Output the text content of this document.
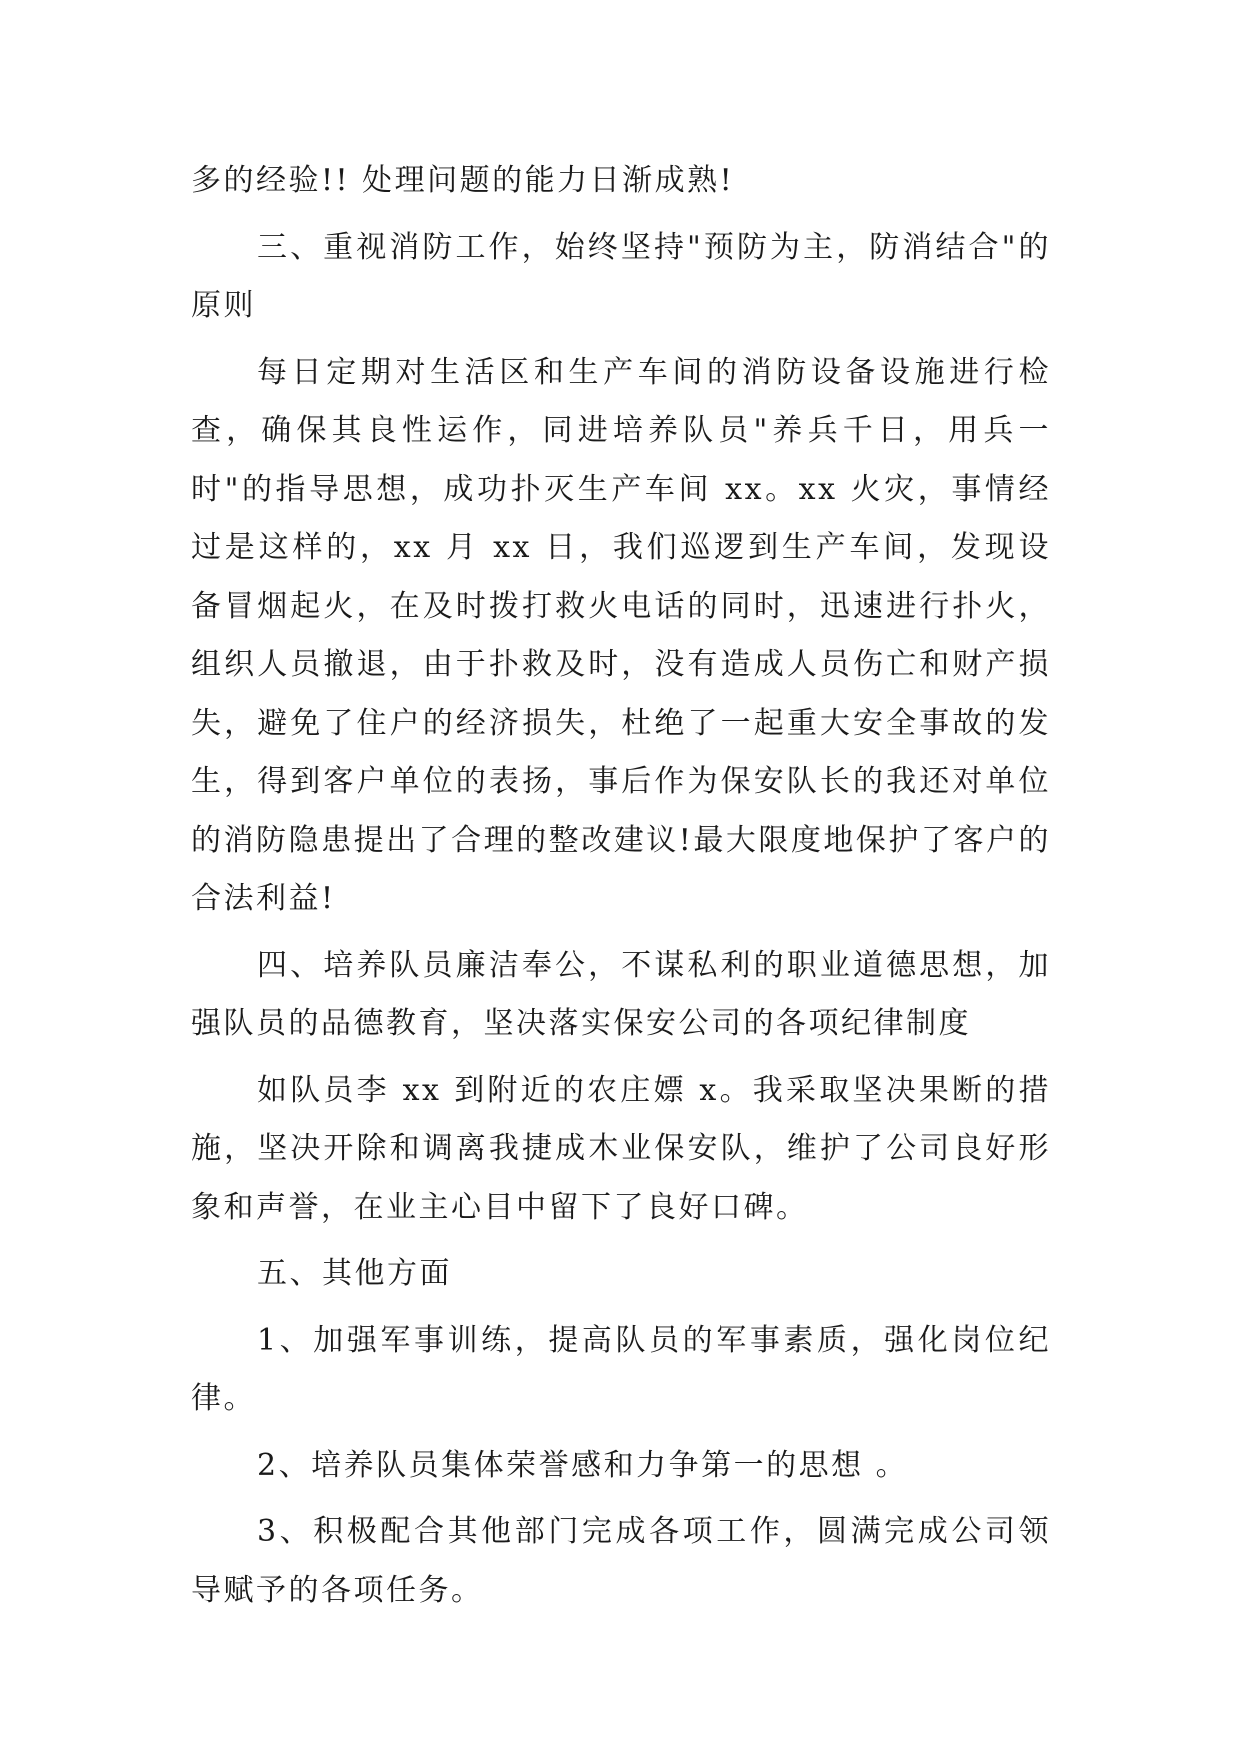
多的经验!! 处理问题的能力日渐成熟!

三、重视消防工作，始终坚持"预防为主，防消结合"的原则

每日定期对生活区和生产车间的消防设备设施进行检查，确保其良性运作，同进培养队员"养兵千日，用兵一时"的指导思想，成功扑灭生产车间 xx。xx 火灾，事情经过是这样的，xx 月 xx 日，我们巡逻到生产车间，发现设备冒烟起火，在及时拨打救火电话的同时，迅速进行扑火，组织人员撤退，由于扑救及时，没有造成人员伤亡和财产损失，避免了住户的经济损失，杜绝了一起重大安全事故的发生，得到客户单位的表扬，事后作为保安队长的我还对单位的消防隐患提出了合理的整改建议!最大限度地保护了客户的合法利益!

四、培养队员廉洁奉公，不谋私利的职业道德思想，加强队员的品德教育，坚决落实保安公司的各项纪律制度

如队员李 xx 到附近的农庄嫖 x。我采取坚决果断的措施，坚决开除和调离我捷成木业保安队，维护了公司良好形象和声誉，在业主心目中留下了良好口碑。

五、其他方面

1、加强军事训练，提高队员的军事素质，强化岗位纪律。

2、培养队员集体荣誉感和力争第一的思想 。

3、积极配合其他部门完成各项工作，圆满完成公司领导赋予的各项任务。
